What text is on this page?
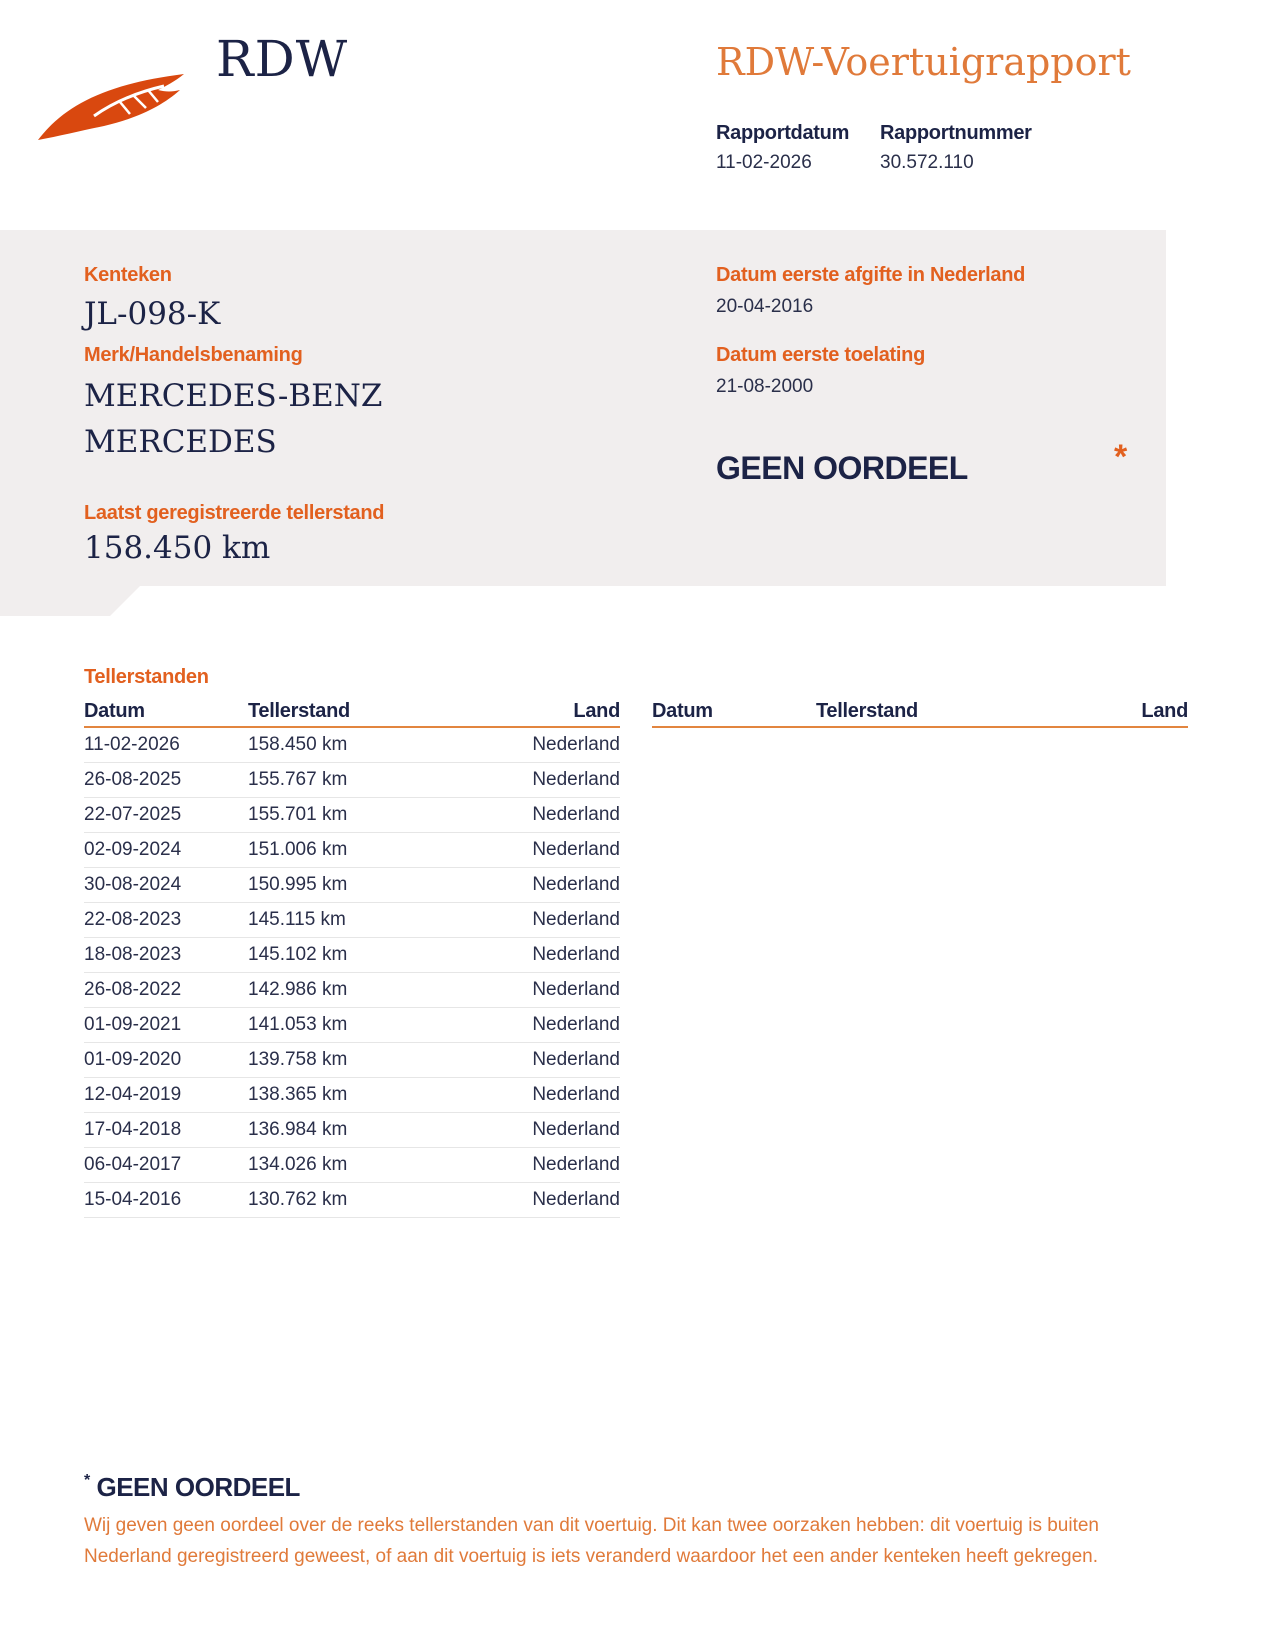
RDW	RDW-Voertuigrapport
Rapportdatum
11-02-2026
Rapportnummer
30.572.110
Kenteken
JL-098-K
Merk/Handelsbenaming
MERCEDES-BENZ
MERCEDES
Laatst geregistreerde tellerstand
158.450 km
Datum eerste afgifte in Nederland
20-04-2016
Datum eerste toelating
21-08-2000
GEEN OORDEEL	*
Tellerstanden
Datum	Tellerstand	Land
11-02-2026	158.450 km	Nederland
26-08-2025	155.767 km	Nederland
22-07-2025	155.701 km	Nederland
02-09-2024	151.006 km	Nederland
30-08-2024	150.995 km	Nederland
22-08-2023	145.115 km	Nederland
18-08-2023	145.102 km	Nederland
26-08-2022	142.986 km	Nederland
01-09-2021	141.053 km	Nederland
01-09-2020	139.758 km	Nederland
12-04-2019	138.365 km	Nederland
17-04-2018	136.984 km	Nederland
06-04-2017	134.026 km	Nederland
15-04-2016	130.762 km	Nederland
Datum	Tellerstand	Land
* GEEN OORDEEL
Wij geven geen oordeel over de reeks tellerstanden van dit voertuig. Dit kan twee oorzaken hebben: dit voertuig is buiten Nederland geregistreerd geweest, of aan dit voertuig is iets veranderd waardoor het een ander kenteken heeft gekregen.
